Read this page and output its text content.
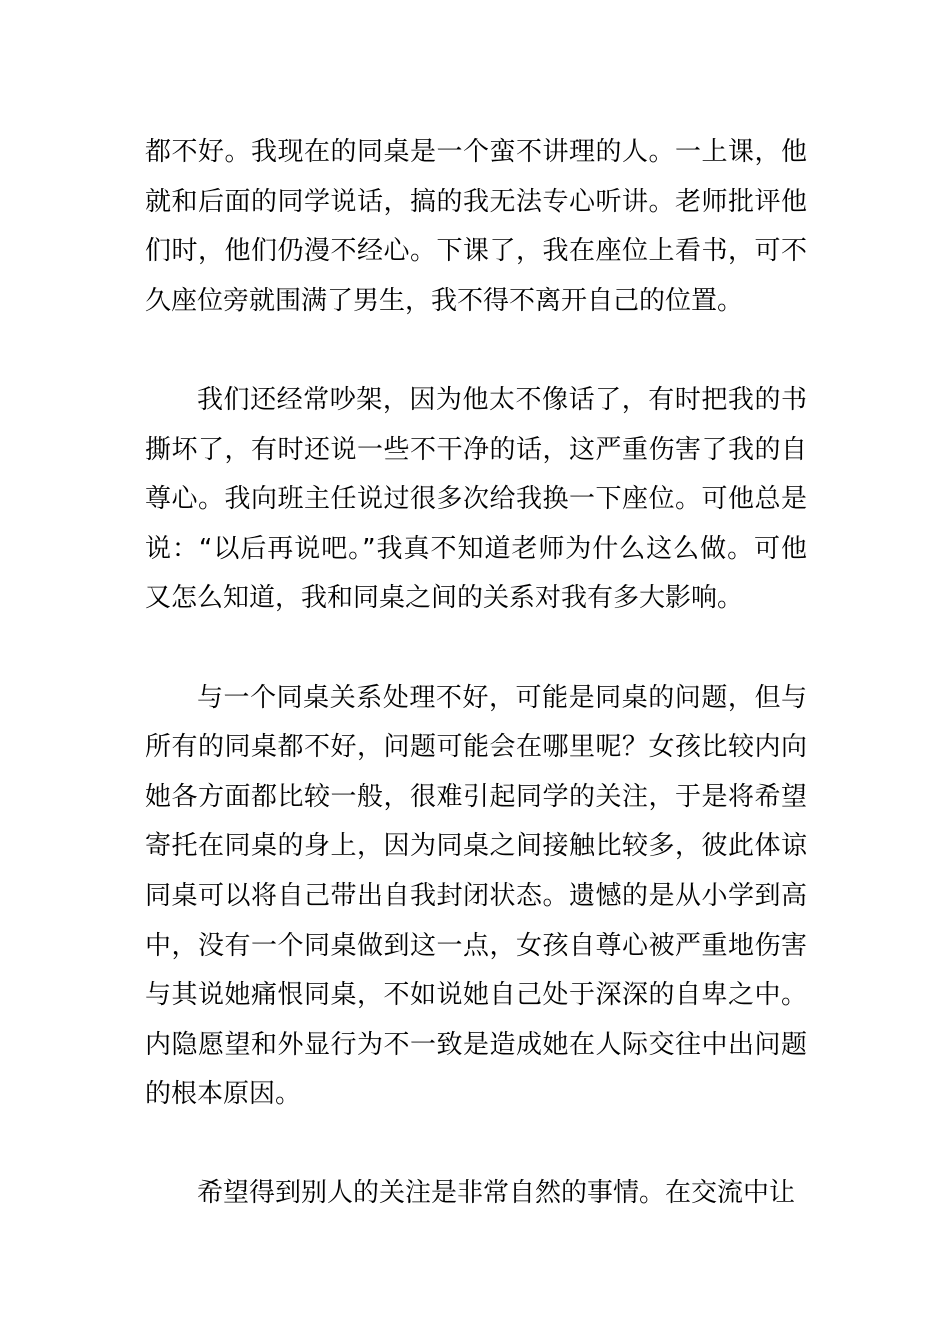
都不好。我现在的同桌是一个蛮不讲理的人。一上课，他就和后面的同学说话，搞的我无法专心听讲。老师批评他们时，他们仍漫不经心。下课了，我在座位上看书，可不久座位旁就围满了男生，我不得不离开自己的位置。

我们还经常吵架，因为他太不像话了，有时把我的书撕坏了，有时还说一些不干净的话，这严重伤害了我的自尊心。我向班主任说过很多次给我换一下座位。可他总是说：“以后再说吧。”我真不知道老师为什么这么做。可他又怎么知道，我和同桌之间的关系对我有多大影响。

与一个同桌关系处理不好，可能是同桌的问题，但与所有的同桌都不好，问题可能会在哪里呢？女孩比较内向她各方面都比较一般，很难引起同学的关注，于是将希望寄托在同桌的身上，因为同桌之间接触比较多，彼此体谅同桌可以将自己带出自我封闭状态。遗憾的是从小学到高中，没有一个同桌做到这一点，女孩自尊心被严重地伤害与其说她痛恨同桌，不如说她自己处于深深的自卑之中。内隐愿望和外显行为不一致是造成她在人际交往中出问题的根本原因。

希望得到别人的关注是非常自然的事情。在交流中让
